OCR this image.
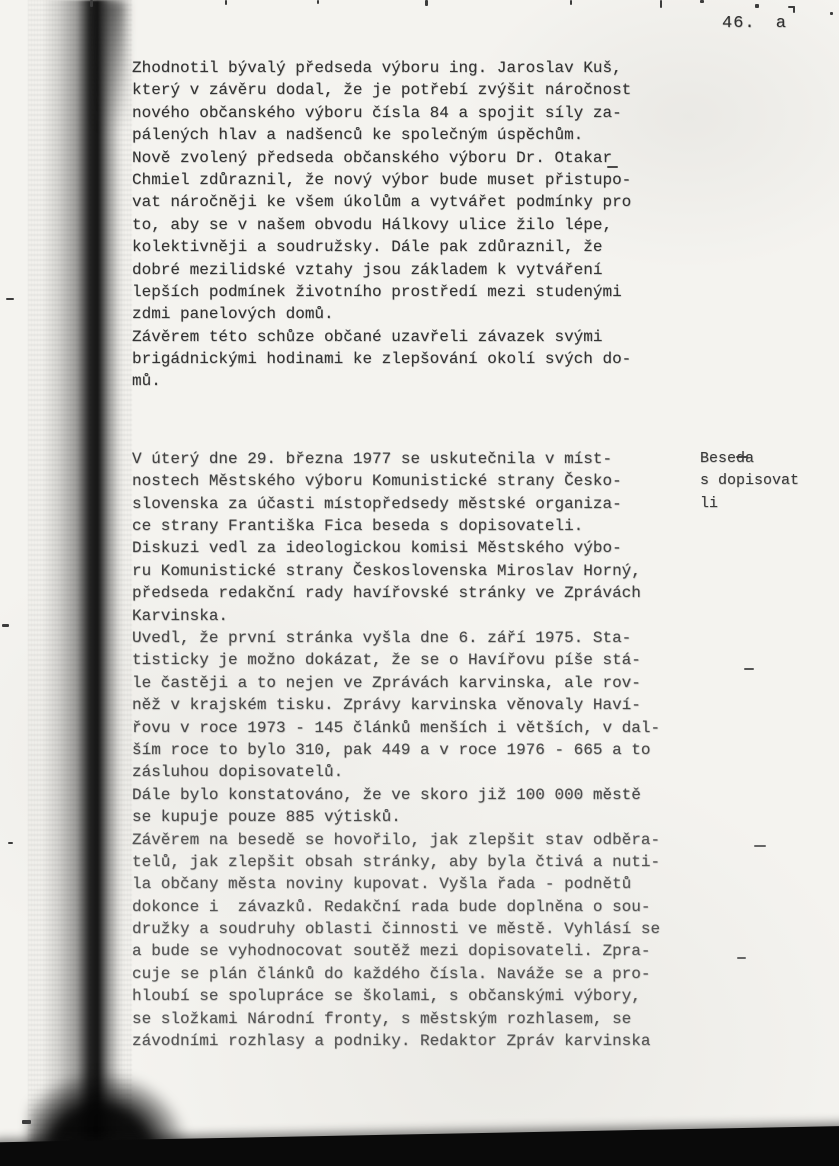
46. a
Zhodnotil bývalý předseda výboru ing. Jaroslav Kuš,
který v závěru dodal, že je potřebí zvýšit náročnost
nového občanského výboru čísla 84 a spojit síly za-
pálených hlav a nadšenců ke společným úspěchům.
Nově zvolený předseda občanského výboru Dr. Otakar
Chmiel zdůraznil, že nový výbor bude muset přistupo-
vat náročněji ke všem úkolům a vytvářet podmínky pro
to, aby se v našem obvodu Hálkovy ulice žilo lépe,
kolektivněji a soudružsky. Dále pak zdůraznil, že
dobré mezilidské vztahy jsou základem k vytváření
lepších podmínek životního prostředí mezi studenými
zdmi panelových domů.
Závěrem této schůze občané uzavřeli závazek svými
brigádnickými hodinami ke zlepšování okolí svých do-
mů.
V úterý dne 29. března 1977 se uskutečnila v míst-
nostech Městského výboru Komunistické strany Česko-
slovenska za účasti místopředsedy městské organiza-
ce strany Františka Fica beseda s dopisovateli.
Diskuzi vedl za ideologickou komisi Městského výbo-
ru Komunistické strany Československa Miroslav Horný,
předseda redakční rady havířovské stránky ve Zprávách
Karvinska.
Uvedl, že první stránka vyšla dne 6. září 1975. Sta-
tisticky je možno dokázat, že se o Havířovu píše stá-
le častěji a to nejen ve Zprávách karvinska, ale rov-
něž v krajském tisku. Zprávy karvinska věnovaly Haví-
řovu v roce 1973 - 145 článků menších i větších, v dal-
ším roce to bylo 310, pak 449 a v roce 1976 - 665 a to
zásluhou dopisovatelů.
Dále bylo konstatováno, že ve skoro již 100 000 městě
se kupuje pouze 885 výtisků.
Závěrem na besedě se hovořilo, jak zlepšit stav odběra-
telů, jak zlepšit obsah stránky, aby byla čtivá a nuti-
la občany města noviny kupovat. Vyšla řada - podnětů
dokonce i  závazků. Redakční rada bude doplněna o sou-
družky a soudruhy oblasti činnosti ve městě. Vyhlásí se
a bude se vyhodnocovat soutěž mezi dopisovateli. Zpra-
cuje se plán článků do každého čísla. Naváže se a pro-
hloubí se spolupráce se školami, s občanskými výbory,
se složkami Národní fronty, s městským rozhlasem, se
závodními rozhlasy a podniky. Redaktor Zpráv karvinska
Beseda
s dopisovat
li
